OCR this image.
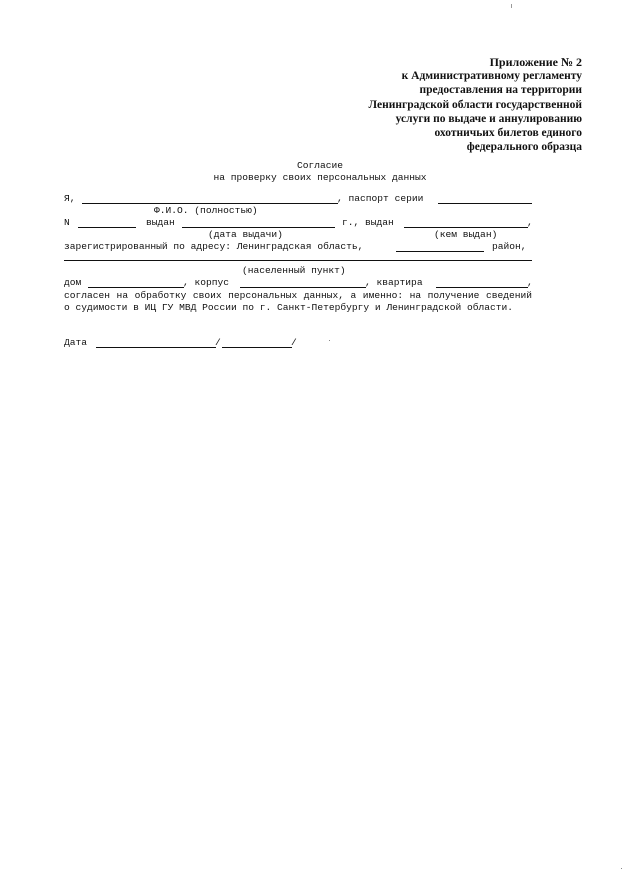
Приложение № 2
к Административному регламенту
предоставления на территории
Ленинградской области государственной
услуги по выдаче и аннулированию
охотничьих билетов единого
федерального образца
Согласие
на проверку своих персональных данных
Я,	, паспорт серии
Ф.И.О. (полностью)
N	выдан	г., выдан	,
(дата выдачи)	(кем выдан)
зарегистрированный по адресу: Ленинградская область,	район,
(населенный пункт)
дом	, корпус	, квартира	,
согласен на обработку своих персональных данных, а именно: на получение сведений о судимости в ИЦ ГУ МВД России по г. Санкт-Петербургу и Ленинградской области.
Дата	/	/
